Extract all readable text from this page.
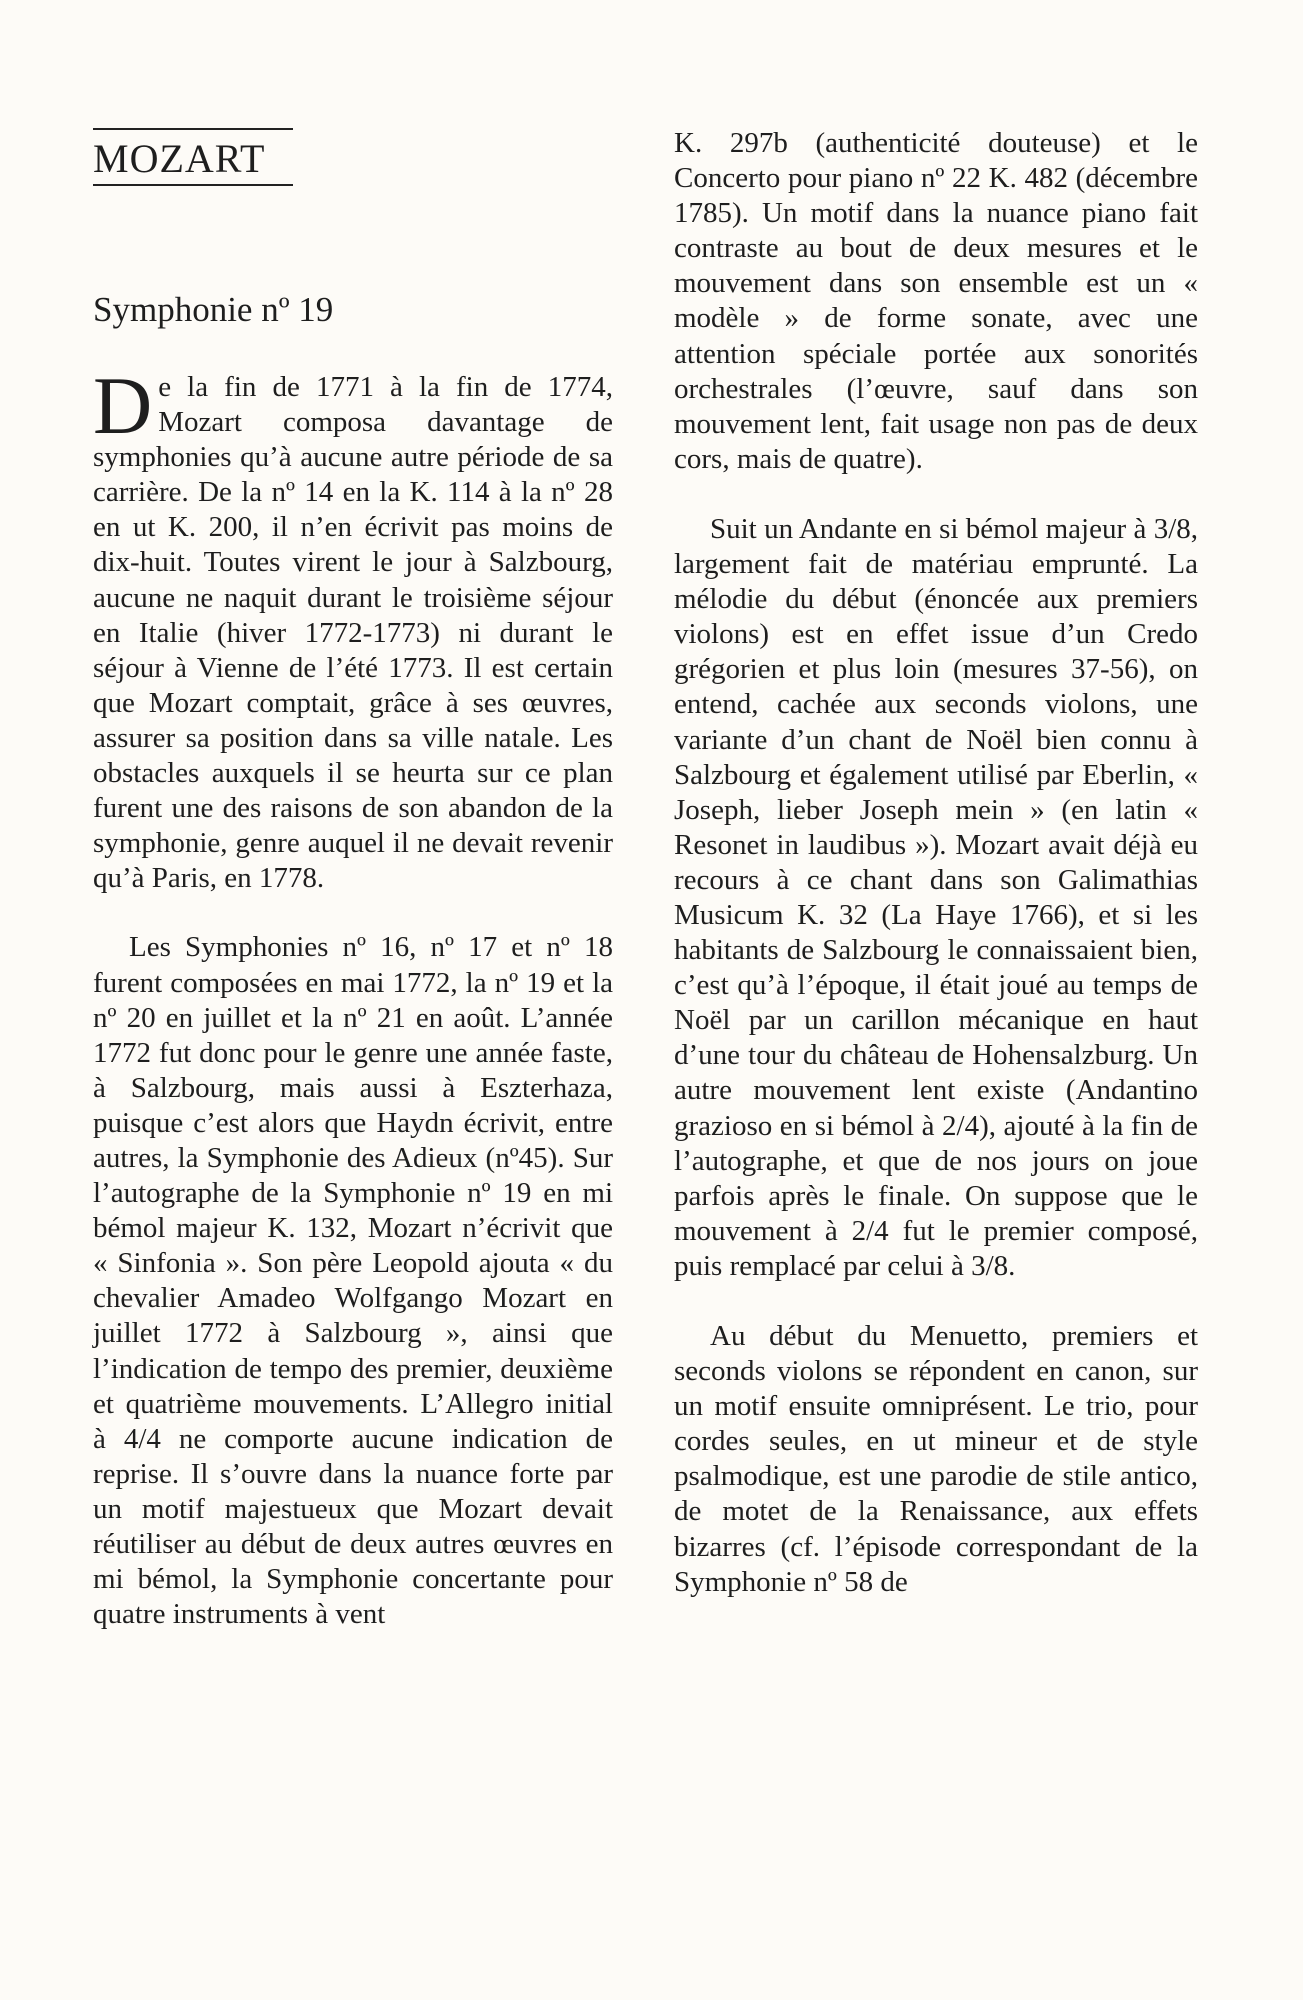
MOZART
Symphonie nº 19

De la fin de 1771 à la fin de 1774, Mozart composa davantage de symphonies qu’à aucune autre période de sa carrière. De la nº 14 en la K. 114 à la nº 28 en ut K. 200, il n’en écrivit pas moins de dix-huit. Toutes virent le jour à Salzbourg, aucune ne naquit durant le troisième séjour en Italie (hiver 1772-1773) ni durant le séjour à Vienne de l’été 1773. Il est certain que Mozart comptait, grâce à ses œuvres, assurer sa position dans sa ville natale. Les obstacles auxquels il se heurta sur ce plan furent une des raisons de son abandon de la symphonie, genre auquel il ne devait revenir qu’à Paris, en 1778.

Les Symphonies nº 16, nº 17 et nº 18 furent composées en mai 1772, la nº 19 et la nº 20 en juillet et la nº 21 en août. L’année 1772 fut donc pour le genre une année faste, à Salzbourg, mais aussi à Eszterhaza, puisque c’est alors que Haydn écrivit, entre autres, la Symphonie des Adieux (nº45). Sur l’autographe de la Symphonie nº 19 en mi bémol majeur K. 132, Mozart n’écrivit que « Sinfonia ». Son père Leopold ajouta « du chevalier Amadeo Wolfgango Mozart en juillet 1772 à Salzbourg », ainsi que l’indication de tempo des premier, deuxième et quatrième mouvements. L’Allegro initial à 4/4 ne comporte aucune indication de reprise. Il s’ouvre dans la nuance forte par un motif majestueux que Mozart devait réutiliser au début de deux autres œuvres en mi bémol, la Symphonie concertante pour quatre instruments à vent

K. 297b (authenticité douteuse) et le Concerto pour piano nº 22 K. 482 (décembre 1785). Un motif dans la nuance piano fait contraste au bout de deux mesures et le mouvement dans son ensemble est un « modèle » de forme sonate, avec une attention spéciale portée aux sonorités orchestrales (l’œuvre, sauf dans son mouvement lent, fait usage non pas de deux cors, mais de quatre).

Suit un Andante en si bémol majeur à 3/8, largement fait de matériau emprunté. La mélodie du début (énoncée aux premiers violons) est en effet issue d’un Credo grégorien et plus loin (mesures 37-56), on entend, cachée aux seconds violons, une variante d’un chant de Noël bien connu à Salzbourg et également utilisé par Eberlin, « Joseph, lieber Joseph mein » (en latin « Resonet in laudibus »). Mozart avait déjà eu recours à ce chant dans son Galimathias Musicum K. 32 (La Haye 1766), et si les habitants de Salzbourg le connaissaient bien, c’est qu’à l’époque, il était joué au temps de Noël par un carillon mécanique en haut d’une tour du château de Hohensalzburg. Un autre mouvement lent existe (Andantino grazioso en si bémol à 2/4), ajouté à la fin de l’autographe, et que de nos jours on joue parfois après le finale. On suppose que le mouvement à 2/4 fut le premier composé, puis remplacé par celui à 3/8.

Au début du Menuetto, premiers et seconds violons se répondent en canon, sur un motif ensuite omniprésent. Le trio, pour cordes seules, en ut mineur et de style psalmodique, est une parodie de stile antico, de motet de la Renaissance, aux effets bizarres (cf. l’épisode correspondant de la Symphonie nº 58 de
